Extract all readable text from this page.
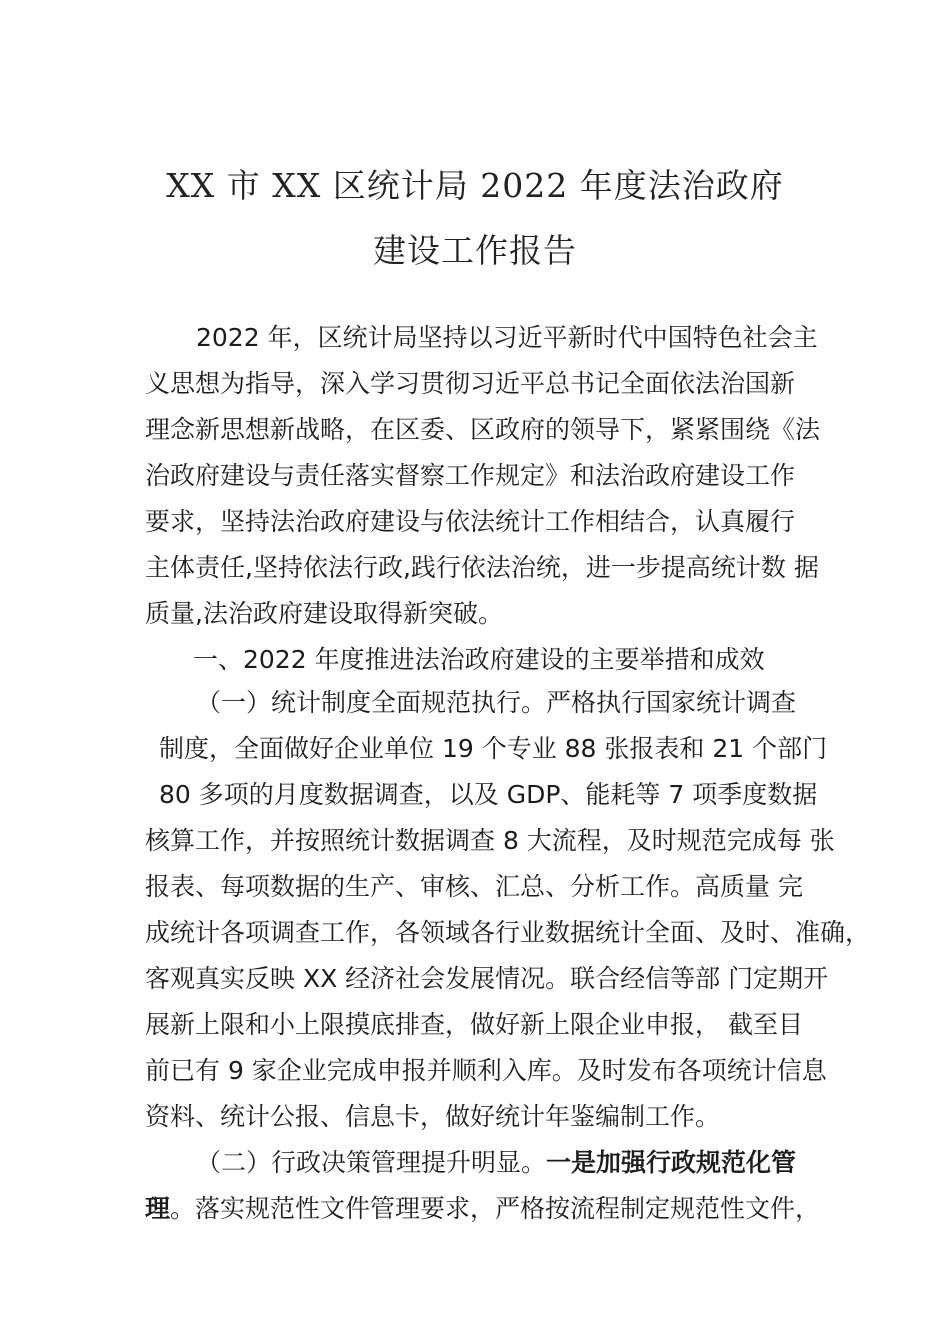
XX 市 XX 区统计局 2022 年度法治政府
建设工作报告
2022 年，区统计局坚持以习近平新时代中国特色社会主
义思想为指导，深入学习贯彻习近平总书记全面依法治国新
理念新思想新战略，在区委、区政府的领导下，紧紧围绕《法
治政府建设与责任落实督察工作规定》和法治政府建设工作
要求，坚持法治政府建设与依法统计工作相结合，认真履行
主体责任,坚持依法行政,践行依法治统，进一步提高统计数 据
质量,法治政府建设取得新突破。
一、2022 年度推进法治政府建设的主要举措和成效
（一）统计制度全面规范执行。严格执行国家统计调查
制度，全面做好企业单位 19 个专业 88 张报表和 21 个部门
80 多项的月度数据调查，以及 GDP、能耗等 7 项季度数据
核算工作，并按照统计数据调查 8 大流程，及时规范完成每 张
报表、每项数据的生产、审核、汇总、分析工作。高质量 完
成统计各项调查工作，各领域各行业数据统计全面、及时、准确，
客观真实反映 XX 经济社会发展情况。联合经信等部 门定期开
展新上限和小上限摸底排查，做好新上限企业申报， 截至目
前已有 9 家企业完成申报并顺利入库。及时发布各项统计信息
资料、统计公报、信息卡，做好统计年鉴编制工作。
（二）行政决策管理提升明显。一是加强行政规范化管
理。落实规范性文件管理要求，严格按流程制定规范性文件，
